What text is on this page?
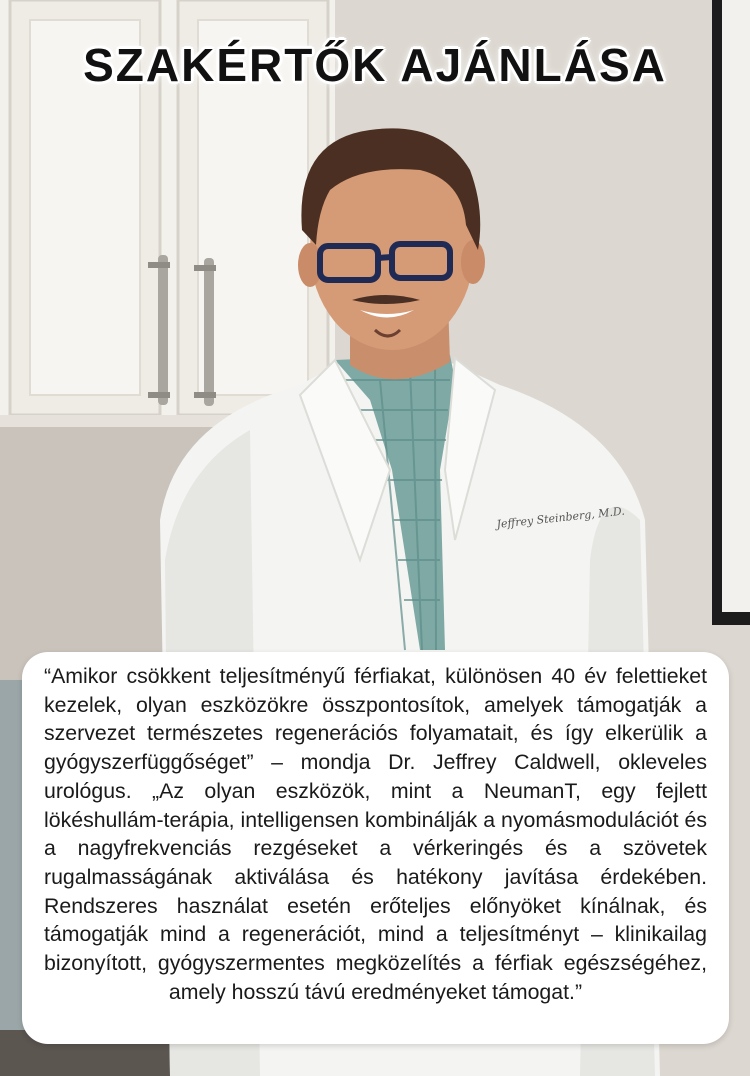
Jeffrey Steinberg, M.D.
SZAKÉRTŐK AJÁNLÁSA

“Amikor csökkent teljesítményű férfiakat, különösen 40 év felettieket kezelek, olyan eszközökre összpontosítok, amelyek támogatják a szervezet természetes regenerációs folyamatait, és így elkerülik a gyógyszerfüggőséget” – mondja Dr. Jeffrey Caldwell, okleveles urológus. „Az olyan eszközök, mint a NeumanT, egy fejlett lökéshullám-terápia, intelligensen kombinálják a nyomásmodulációt és a nagyfrekvenciás rezgéseket a vérkeringés és a szövetek rugalmasságának aktiválása és hatékony javítása érdekében. Rendszeres használat esetén erőteljes előnyöket kínálnak, és támogatják mind a regenerációt, mind a teljesítményt – klinikailag bizonyított, gyógyszermentes megközelítés a férfiak egészségéhez, amely hosszú távú eredményeket támogat.”
